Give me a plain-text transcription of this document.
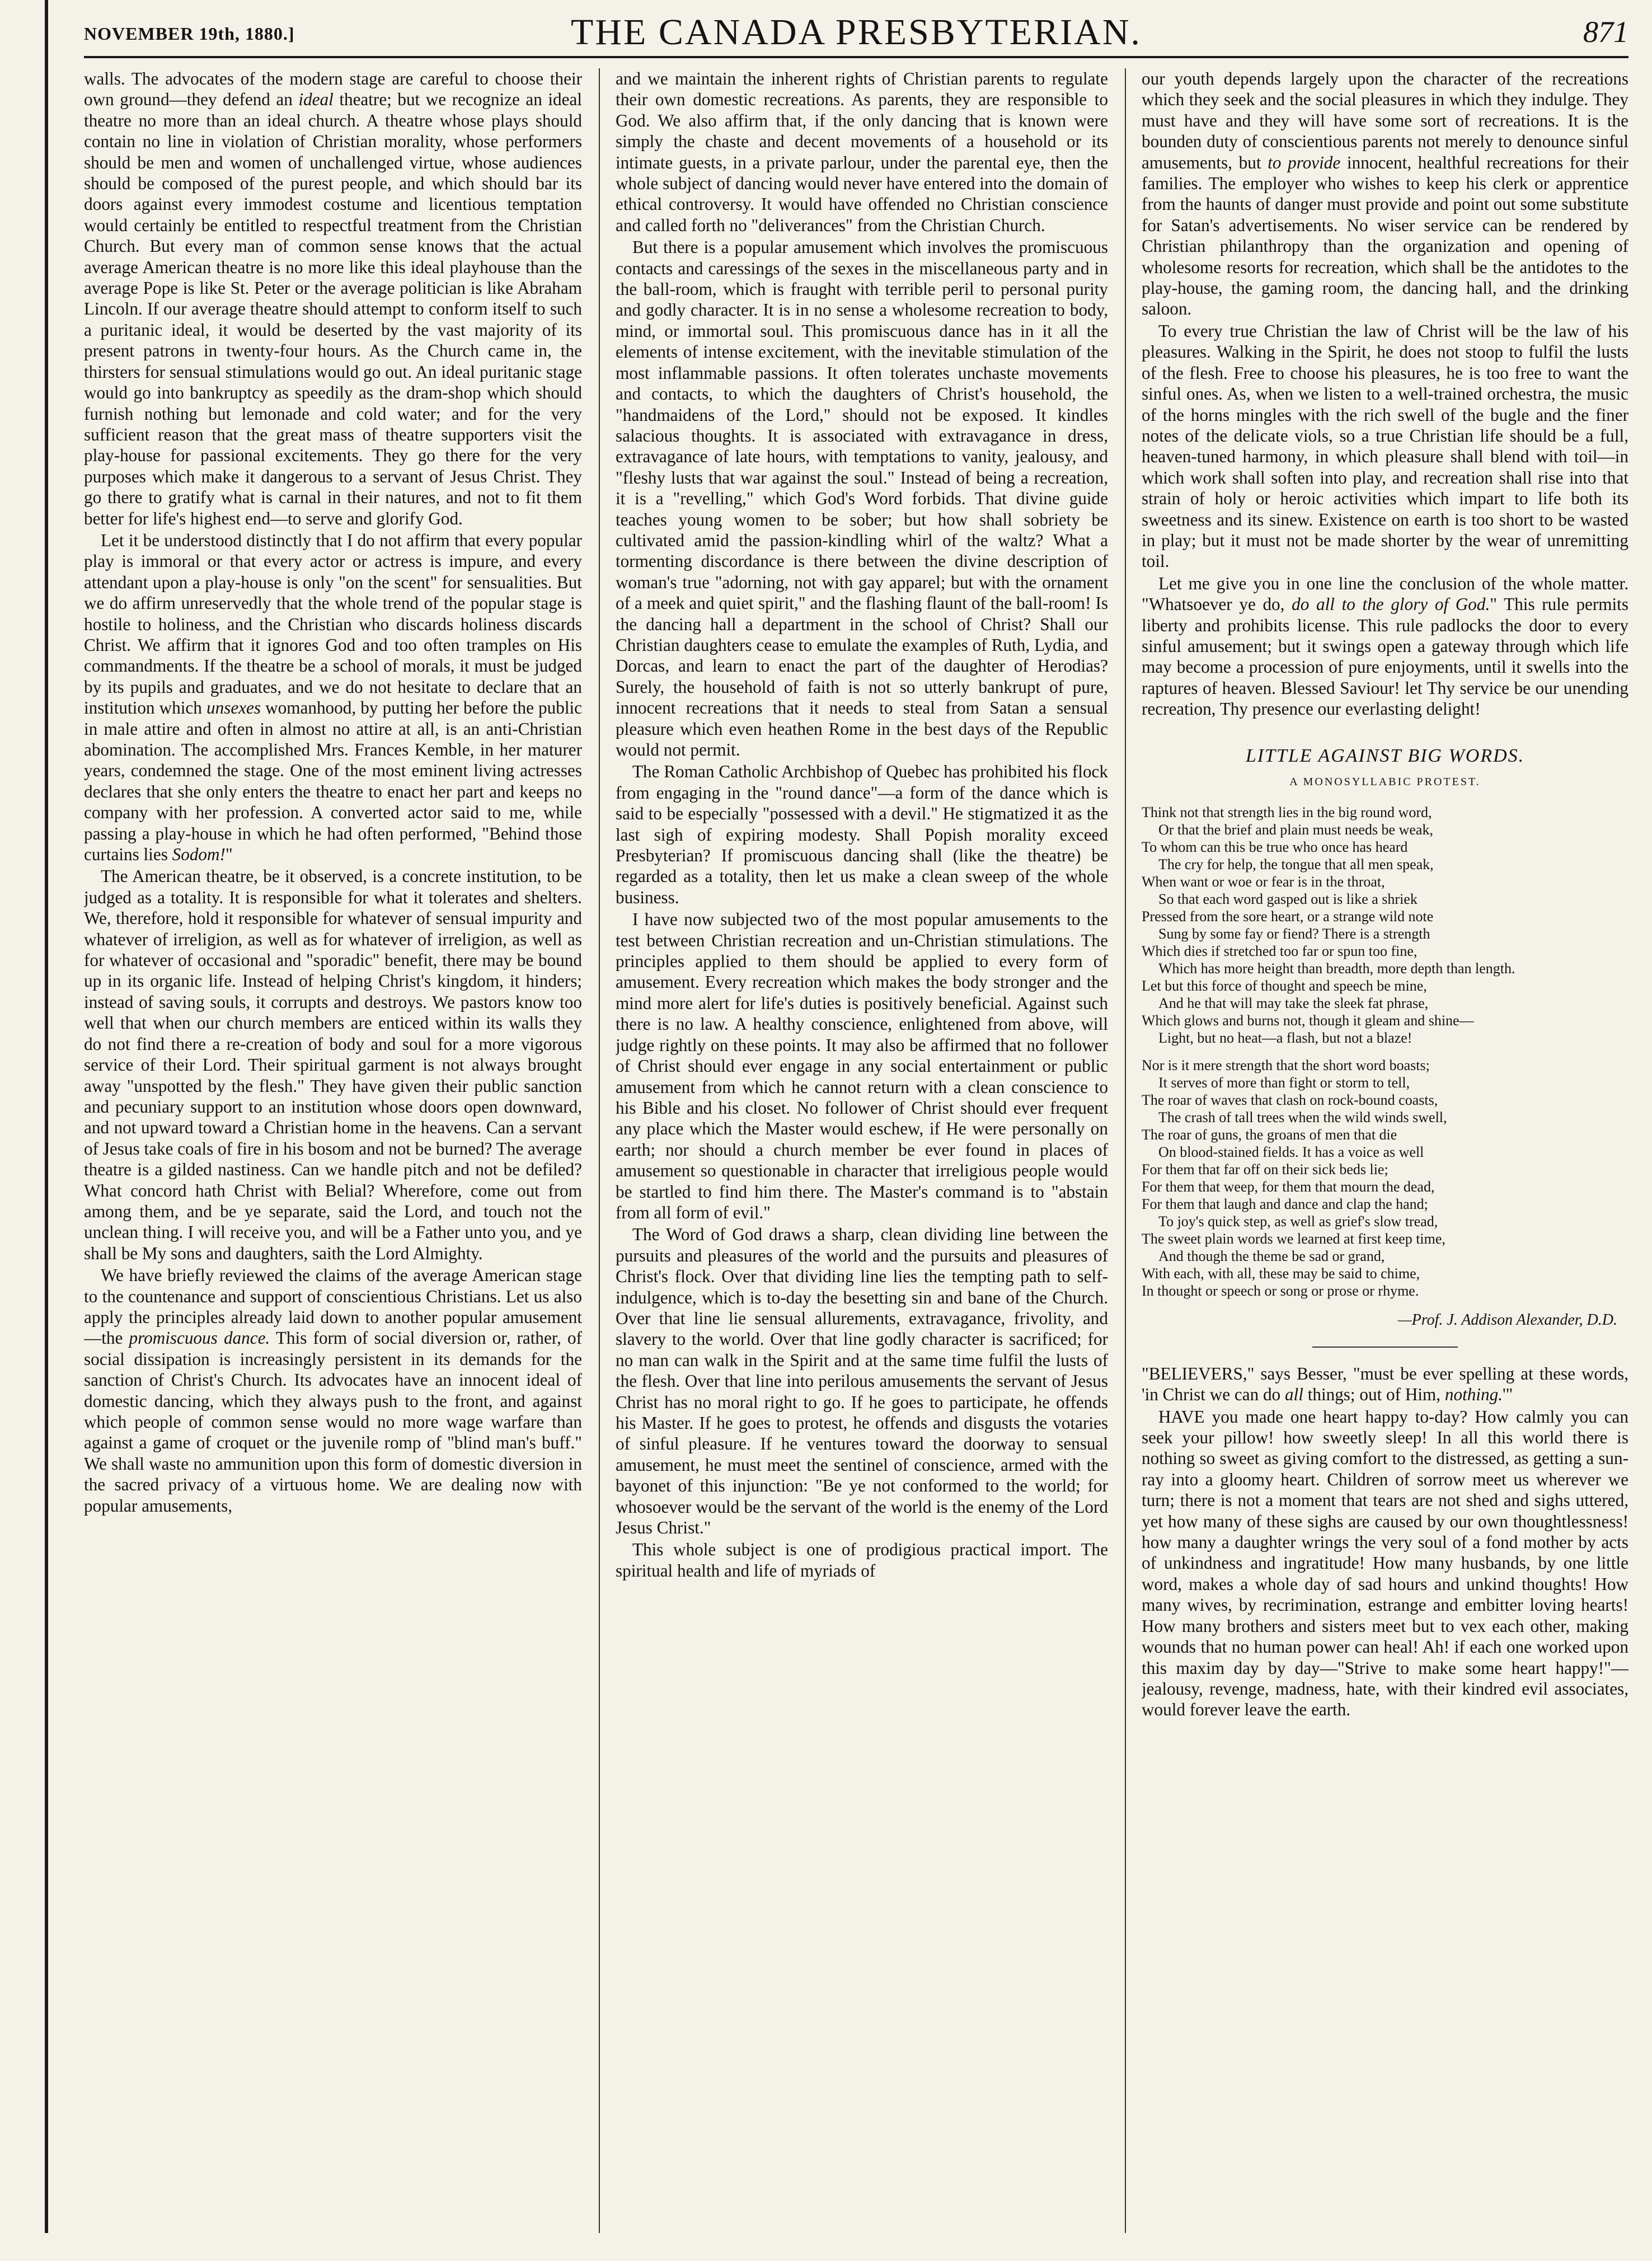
NOVEMBER 19th, 1880.]	THE CANADA PRESBYTERIAN.	871

walls. The advocates of the modern stage are careful to choose their own ground—they defend an ideal theatre; but we recognize an ideal theatre no more than an ideal church. A theatre whose plays should contain no line in violation of Christian morality, whose performers should be men and women of unchallenged virtue, whose audiences should be composed of the purest people, and which should bar its doors against every immodest costume and licentious temptation would certainly be entitled to respectful treatment from the Christian Church. But every man of common sense knows that the actual average American theatre is no more like this ideal playhouse than the average Pope is like St. Peter or the average politician is like Abraham Lincoln. If our average theatre should attempt to conform itself to such a puritanic ideal, it would be deserted by the vast majority of its present patrons in twenty-four hours. As the Church came in, the thirsters for sensual stimulations would go out. An ideal puritanic stage would go into bankruptcy as speedily as the dram-shop which should furnish nothing but lemonade and cold water; and for the very sufficient reason that the great mass of theatre supporters visit the play-house for passional excitements. They go there for the very purposes which make it dangerous to a servant of Jesus Christ. They go there to gratify what is carnal in their natures, and not to fit them better for life's highest end—to serve and glorify God.

Let it be understood distinctly that I do not affirm that every popular play is immoral or that every actor or actress is impure, and every attendant upon a play-house is only "on the scent" for sensualities. But we do affirm unreservedly that the whole trend of the popular stage is hostile to holiness, and the Christian who discards holiness discards Christ. We affirm that it ignores God and too often tramples on His commandments. If the theatre be a school of morals, it must be judged by its pupils and graduates, and we do not hesitate to declare that an institution which unsexes womanhood, by putting her before the public in male attire and often in almost no attire at all, is an anti-Christian abomination. The accomplished Mrs. Frances Kemble, in her maturer years, condemned the stage. One of the most eminent living actresses declares that she only enters the theatre to enact her part and keeps no company with her profession. A converted actor said to me, while passing a play-house in which he had often performed, "Behind those curtains lies Sodom!"

The American theatre, be it observed, is a concrete institution, to be judged as a totality. It is responsible for what it tolerates and shelters. We, therefore, hold it responsible for whatever of sensual impurity and whatever of irreligion, as well as for whatever of irreligion, as well as for whatever of occasional and "sporadic" benefit, there may be bound up in its organic life. Instead of helping Christ's kingdom, it hinders; instead of saving souls, it corrupts and destroys. We pastors know too well that when our church members are enticed within its walls they do not find there a re-creation of body and soul for a more vigorous service of their Lord. Their spiritual garment is not always brought away "unspotted by the flesh." They have given their public sanction and pecuniary support to an institution whose doors open downward, and not upward toward a Christian home in the heavens. Can a servant of Jesus take coals of fire in his bosom and not be burned? The average theatre is a gilded nastiness. Can we handle pitch and not be defiled? What concord hath Christ with Belial? Wherefore, come out from among them, and be ye separate, said the Lord, and touch not the unclean thing. I will receive you, and will be a Father unto you, and ye shall be My sons and daughters, saith the Lord Almighty.

We have briefly reviewed the claims of the average American stage to the countenance and support of conscientious Christians. Let us also apply the principles already laid down to another popular amusement—the promiscuous dance. This form of social diversion or, rather, of social dissipation is increasingly persistent in its demands for the sanction of Christ's Church. Its advocates have an innocent ideal of domestic dancing, which they always push to the front, and against which people of common sense would no more wage warfare than against a game of croquet or the juvenile romp of "blind man's buff." We shall waste no ammunition upon this form of domestic diversion in the sacred privacy of a virtuous home. We are dealing now with popular amusements,

and we maintain the inherent rights of Christian parents to regulate their own domestic recreations. As parents, they are responsible to God. We also affirm that, if the only dancing that is known were simply the chaste and decent movements of a household or its intimate guests, in a private parlour, under the parental eye, then the whole subject of dancing would never have entered into the domain of ethical controversy. It would have offended no Christian conscience and called forth no "deliverances" from the Christian Church.

But there is a popular amusement which involves the promiscuous contacts and caressings of the sexes in the miscellaneous party and in the ball-room, which is fraught with terrible peril to personal purity and godly character. It is in no sense a wholesome recreation to body, mind, or immortal soul. This promiscuous dance has in it all the elements of intense excitement, with the inevitable stimulation of the most inflammable passions. It often tolerates unchaste movements and contacts, to which the daughters of Christ's household, the "handmaidens of the Lord," should not be exposed. It kindles salacious thoughts. It is associated with extravagance in dress, extravagance of late hours, with temptations to vanity, jealousy, and "fleshy lusts that war against the soul." Instead of being a recreation, it is a "revelling," which God's Word forbids. That divine guide teaches young women to be sober; but how shall sobriety be cultivated amid the passion-kindling whirl of the waltz? What a tormenting discordance is there between the divine description of woman's true "adorning, not with gay apparel; but with the ornament of a meek and quiet spirit," and the flashing flaunt of the ball-room! Is the dancing hall a department in the school of Christ? Shall our Christian daughters cease to emulate the examples of Ruth, Lydia, and Dorcas, and learn to enact the part of the daughter of Herodias? Surely, the household of faith is not so utterly bankrupt of pure, innocent recreations that it needs to steal from Satan a sensual pleasure which even heathen Rome in the best days of the Republic would not permit.

The Roman Catholic Archbishop of Quebec has prohibited his flock from engaging in the "round dance"—a form of the dance which is said to be especially "possessed with a devil." He stigmatized it as the last sigh of expiring modesty. Shall Popish morality exceed Presbyterian? If promiscuous dancing shall (like the theatre) be regarded as a totality, then let us make a clean sweep of the whole business.

I have now subjected two of the most popular amusements to the test between Christian recreation and un-Christian stimulations. The principles applied to them should be applied to every form of amusement. Every recreation which makes the body stronger and the mind more alert for life's duties is positively beneficial. Against such there is no law. A healthy conscience, enlightened from above, will judge rightly on these points. It may also be affirmed that no follower of Christ should ever engage in any social entertainment or public amusement from which he cannot return with a clean conscience to his Bible and his closet. No follower of Christ should ever frequent any place which the Master would eschew, if He were personally on earth; nor should a church member be ever found in places of amusement so questionable in character that irreligious people would be startled to find him there. The Master's command is to "abstain from all form of evil."

The Word of God draws a sharp, clean dividing line between the pursuits and pleasures of the world and the pursuits and pleasures of Christ's flock. Over that dividing line lies the tempting path to self-indulgence, which is to-day the besetting sin and bane of the Church. Over that line lie sensual allurements, extravagance, frivolity, and slavery to the world. Over that line godly character is sacrificed; for no man can walk in the Spirit and at the same time fulfil the lusts of the flesh. Over that line into perilous amusements the servant of Jesus Christ has no moral right to go. If he goes to participate, he offends his Master. If he goes to protest, he offends and disgusts the votaries of sinful pleasure. If he ventures toward the doorway to sensual amusement, he must meet the sentinel of conscience, armed with the bayonet of this injunction: "Be ye not conformed to the world; for whosoever would be the servant of the world is the enemy of the Lord Jesus Christ."

This whole subject is one of prodigious practical import. The spiritual health and life of myriads of

our youth depends largely upon the character of the recreations which they seek and the social pleasures in which they indulge. They must have and they will have some sort of recreations. It is the bounden duty of conscientious parents not merely to denounce sinful amusements, but to provide innocent, healthful recreations for their families. The employer who wishes to keep his clerk or apprentice from the haunts of danger must provide and point out some substitute for Satan's advertisements. No wiser service can be rendered by Christian philanthropy than the organization and opening of wholesome resorts for recreation, which shall be the antidotes to the play-house, the gaming room, the dancing hall, and the drinking saloon.

To every true Christian the law of Christ will be the law of his pleasures. Walking in the Spirit, he does not stoop to fulfil the lusts of the flesh. Free to choose his pleasures, he is too free to want the sinful ones. As, when we listen to a well-trained orchestra, the music of the horns mingles with the rich swell of the bugle and the finer notes of the delicate viols, so a true Christian life should be a full, heaven-tuned harmony, in which pleasure shall blend with toil—in which work shall soften into play, and recreation shall rise into that strain of holy or heroic activities which impart to life both its sweetness and its sinew. Existence on earth is too short to be wasted in play; but it must not be made shorter by the wear of unremitting toil.

Let me give you in one line the conclusion of the whole matter. "Whatsoever ye do, do all to the glory of God." This rule permits liberty and prohibits license. This rule padlocks the door to every sinful amusement; but it swings open a gateway through which life may become a procession of pure enjoyments, until it swells into the raptures of heaven. Blessed Saviour! let Thy service be our unending recreation, Thy presence our everlasting delight!

LITTLE AGAINST BIG WORDS.
A MONOSYLLABIC PROTEST.
Think not that strength lies in the big round word,
Or that the brief and plain must needs be weak,
To whom can this be true who once has heard
The cry for help, the tongue that all men speak,
When want or woe or fear is in the throat,
So that each word gasped out is like a shriek
Pressed from the sore heart, or a strange wild note
Sung by some fay or fiend? There is a strength
Which dies if stretched too far or spun too fine,
Which has more height than breadth, more depth than length.
Let but this force of thought and speech be mine,
And he that will may take the sleek fat phrase,
Which glows and burns not, though it gleam and shine—
Light, but no heat—a flash, but not a blaze!
Nor is it mere strength that the short word boasts;
It serves of more than fight or storm to tell,
The roar of waves that clash on rock-bound coasts,
The crash of tall trees when the wild winds swell,
The roar of guns, the groans of men that die
On blood-stained fields. It has a voice as well
For them that far off on their sick beds lie;
For them that weep, for them that mourn the dead,
For them that laugh and dance and clap the hand;
To joy's quick step, as well as grief's slow tread,
The sweet plain words we learned at first keep time,
And though the theme be sad or grand,
With each, with all, these may be said to chime,
In thought or speech or song or prose or rhyme.
—Prof. J. Addison Alexander, D.D.

"BELIEVERS," says Besser, "must be ever spelling at these words, 'in Christ we can do all things; out of Him, nothing.'"

HAVE you made one heart happy to-day? How calmly you can seek your pillow! how sweetly sleep! In all this world there is nothing so sweet as giving comfort to the distressed, as getting a sun-ray into a gloomy heart. Children of sorrow meet us wherever we turn; there is not a moment that tears are not shed and sighs uttered, yet how many of these sighs are caused by our own thoughtlessness! how many a daughter wrings the very soul of a fond mother by acts of unkindness and ingratitude! How many husbands, by one little word, makes a whole day of sad hours and unkind thoughts! How many wives, by recrimination, estrange and embitter loving hearts! How many brothers and sisters meet but to vex each other, making wounds that no human power can heal! Ah! if each one worked upon this maxim day by day—"Strive to make some heart happy!"—jealousy, revenge, madness, hate, with their kindred evil associates, would forever leave the earth.
